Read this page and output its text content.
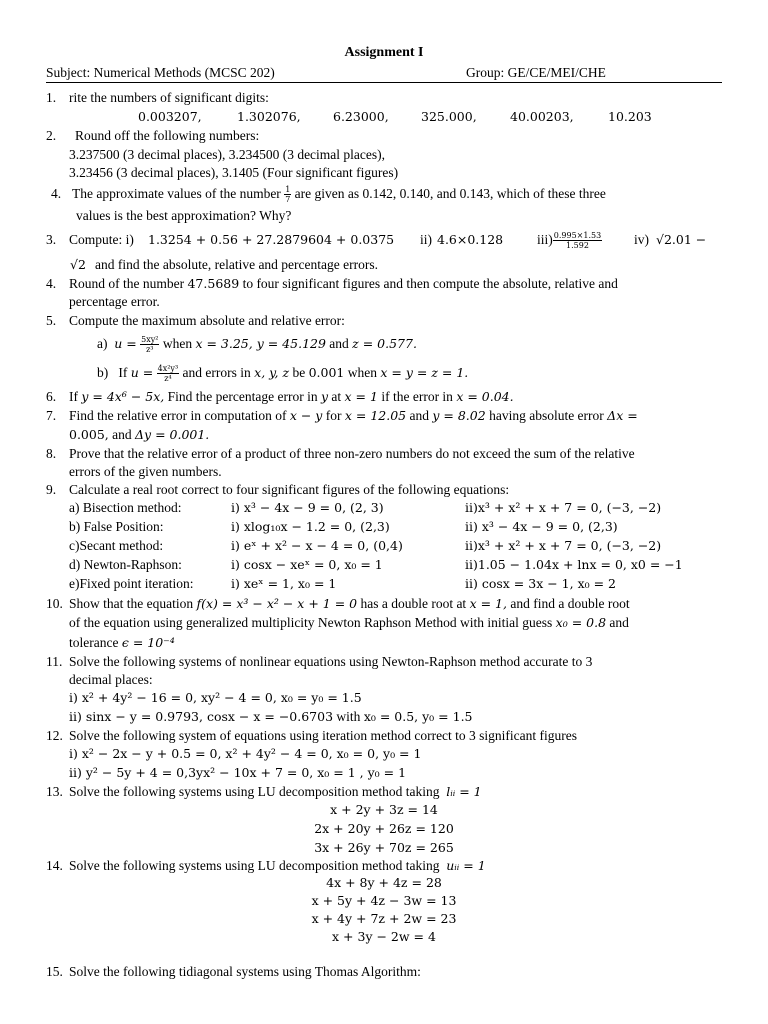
Assignment I
Subject: Numerical Methods (MCSC 202)	Group: GE/CE/MEI/CHE
1. rite the numbers of significant digits:
0.003207,	1.302076,	6.23000,	325.000,	40.00203,	10.203
2. Round off the following numbers:
3.237500 (3 decimal places), 3.234500 (3 decimal places),
3.23456 (3 decimal places), 3.1405 (Four significant figures)
4. The approximate values of the number $\frac{1}{7}$ are given as 0.142, 0.140, and 0.143, which of these three
values is the best approximation? Why?
3. Compute: i) 1.3254 + 0.56 + 27.2879604 + 0.0375 ii) 4.6×0.128	$iii) \frac{0.995\times 1.53}{1.592} iv$) √2.01 −
√2 and find the absolute, relative and percentage errors.
4. Round of the number 47.5689 to four significant figures and then compute the absolute, relative and
percentage error.
5. Compute the maximum absolute and relative error:
a) $u = \frac{\text{5xy²}}{\text{z³}}$ when x = 3.25, y = 45.129 and z = 0.577.
b) If $u = \frac{\text{4x²y³}}{\text{z⁴}}$ and errors in x, y, z be 0.001 when x = y = z = 1.
6. If y = 4x⁶ − 5x, Find the percentage error in y at x = 1 if the error in x = 0.04.
7. Find the relative error in computation of x − y for x = 12.05 and y = 8.02 having absolute error Δx =
0.005, and Δy = 0.001.
8. Prove that the relative error of a product of three non-zero numbers do not exceed the sum of the relative
errors of the given numbers.
9. Calculate a real root correct to four significant figures of the following equations:
a) Bisection method:	i) x³ − 4x − 9 = 0, (2, 3)	ii)x³ + x² + x + 7 = 0, (−3, −2)
b) False Position:	i) xlog₁₀x − 1.2 = 0, (2,3)	ii) x³ − 4x − 9 = 0, (2,3)
c)Secant method:	i) eˣ + x² − x − 4 = 0, (0,4)	ii)x³ + x² + x + 7 = 0, (−3, −2)
d) Newton-Raphson:	i) cosx − xeˣ = 0, x₀ = 1	ii)1.05 − 1.04x + lnx = 0, x0 = −1
e)Fixed point iteration:	i) xeˣ = 1, x₀ = 1	ii) cosx = 3x − 1, x₀ = 2
10. Show that the equation f(x) = x³ − x² − x + 1 = 0 has a double root at x = 1, and find a double root
of the equation using generalized multiplicity Newton Raphson Method with initial guess x₀ = 0.8 and
tolerance ϵ = 10⁻⁴
11. Solve the following systems of nonlinear equations using Newton-Raphson method accurate to 3
decimal places:
i) x² + 4y² − 16 = 0, xy² − 4 = 0, x₀ = y₀ = 1.5
ii) sinx − y = 0.9793, cosx − x = −0.6703 with x₀ = 0.5, y₀ = 1.5
12. Solve the following system of equations using iteration method correct to 3 significant figures
i) x² − 2x − y + 0.5 = 0, x² + 4y² − 4 = 0, x₀ = 0, y₀ = 1
ii) y² − 5y + 4 = 0,3yx² − 10x + 7 = 0, x₀ = 1 , y₀ = 1
13. Solve the following systems using LU decomposition method taking lᵢᵢ = 1
x + 2y + 3z = 14
2x + 20y + 26z = 120
3x + 26y + 70z = 265
14. Solve the following systems using LU decomposition method taking uᵢᵢ = 1
4x + 8y + 4z = 28
x + 5y + 4z − 3w = 13
x + 4y + 7z + 2w = 23
x + 3y − 2w = 4
15. Solve the following tidiagonal systems using Thomas Algorithm:
